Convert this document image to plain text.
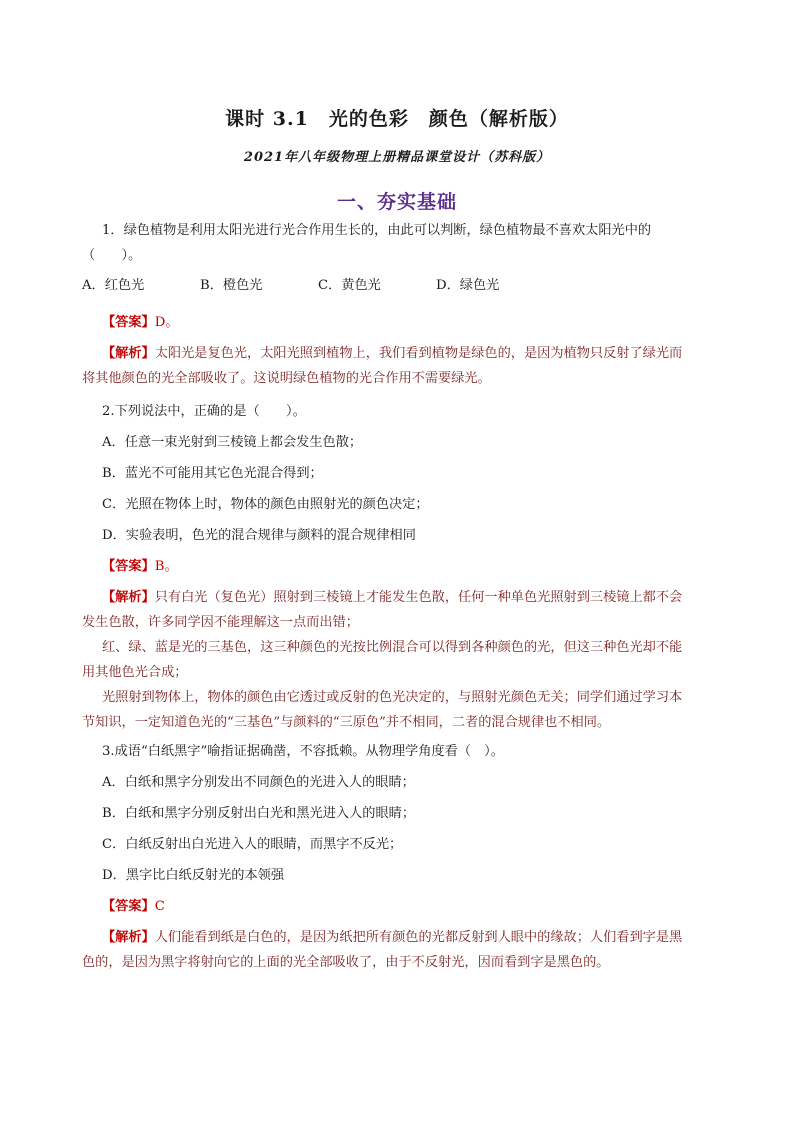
课时 3.1　光的色彩　颜色（解析版）
2021年八年级物理上册精品课堂设计（苏科版）
一、夯实基础
1．绿色植物是利用太阳光进行光合作用生长的，由此可以判断，绿色植物最不喜欢太阳光中的
（　　）。
A．红色光	B．橙色光	C．黄色光	D．绿色光
【答案】D。
【解析】太阳光是复色光，太阳光照到植物上，我们看到植物是绿色的，是因为植物只反射了绿光而
将其他颜色的光全部吸收了。这说明绿色植物的光合作用不需要绿光。
2.下列说法中，正确的是（　　）。
A．任意一束光射到三棱镜上都会发生色散；
B．蓝光不可能用其它色光混合得到；
C．光照在物体上时，物体的颜色由照射光的颜色决定；
D．实验表明，色光的混合规律与颜料的混合规律相同
【答案】B。
【解析】只有白光（复色光）照射到三棱镜上才能发生色散，任何一种单色光照射到三棱镜上都不会
发生色散，许多同学因不能理解这一点而出错；
红、绿、蓝是光的三基色，这三种颜色的光按比例混合可以得到各种颜色的光，但这三种色光却不能
用其他色光合成；
光照射到物体上，物体的颜色由它透过或反射的色光决定的，与照射光颜色无关；同学们通过学习本
节知识，一定知道色光的“三基色”与颜料的“三原色”并不相同，二者的混合规律也不相同。
3.成语“白纸黑字”喻指证据确凿，不容抵赖。从物理学角度看（　）。
A．白纸和黑字分别发出不同颜色的光进入人的眼睛；
B．白纸和黑字分别反射出白光和黑光进入人的眼睛；
C．白纸反射出白光进入人的眼睛，而黑字不反光；
D．黑字比白纸反射光的本领强
【答案】C
【解析】人们能看到纸是白色的，是因为纸把所有颜色的光都反射到人眼中的缘故；人们看到字是黑
色的，是因为黑字将射向它的上面的光全部吸收了，由于不反射光，因而看到字是黑色的。
